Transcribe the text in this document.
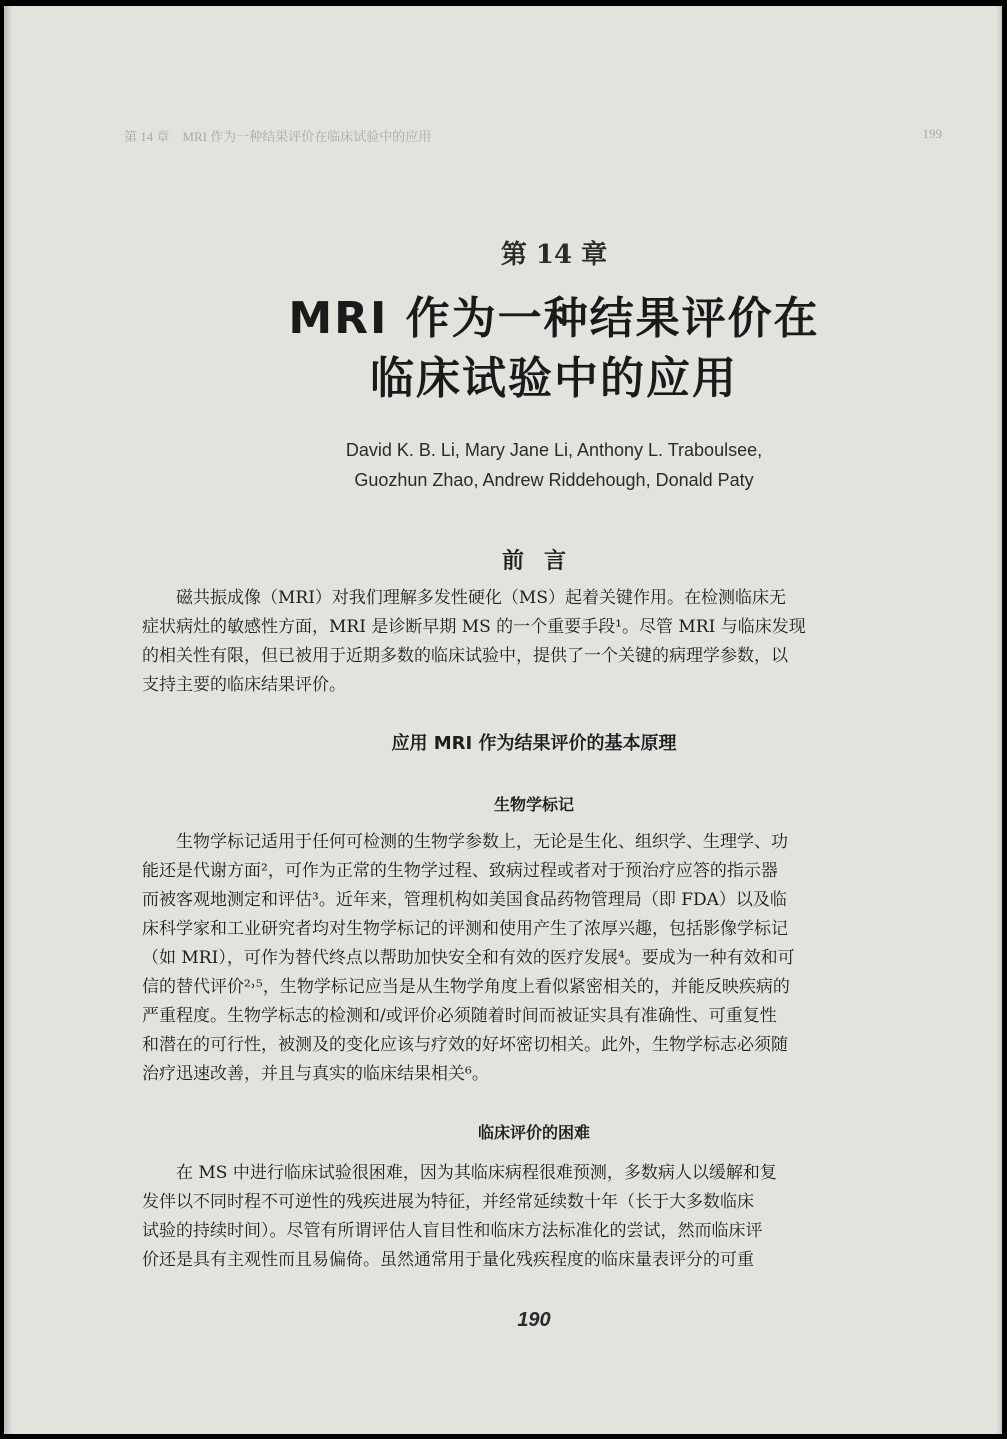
第 14 章　MRI 作为一种结果评价在临床试验中的应用	199
第 14 章
MRI 作为一种结果评价在
临床试验中的应用
David K. B. Li, Mary Jane Li, Anthony L. Traboulsee,
Guozhun Zhao, Andrew Riddehough, Donald Paty
前言

磁共振成像（MRI）对我们理解多发性硬化（MS）起着关键作用。在检测临床无
症状病灶的敏感性方面，MRI 是诊断早期 MS 的一个重要手段¹。尽管 MRI 与临床发现
的相关性有限，但已被用于近期多数的临床试验中，提供了一个关键的病理学参数，以
支持主要的临床结果评价。

应用 MRI 作为结果评价的基本原理
生物学标记

生物学标记适用于任何可检测的生物学参数上，无论是生化、组织学、生理学、功
能还是代谢方面²，可作为正常的生物学过程、致病过程或者对于预治疗应答的指示器
而被客观地测定和评估³。近年来，管理机构如美国食品药物管理局（即 FDA）以及临
床科学家和工业研究者均对生物学标记的评测和使用产生了浓厚兴趣，包括影像学标记
（如 MRI），可作为替代终点以帮助加快安全和有效的医疗发展⁴。要成为一种有效和可
信的替代评价²˒⁵，生物学标记应当是从生物学角度上看似紧密相关的，并能反映疾病的
严重程度。生物学标志的检测和/或评价必须随着时间而被证实具有准确性、可重复性
和潜在的可行性，被测及的变化应该与疗效的好坏密切相关。此外，生物学标志必须随
治疗迅速改善，并且与真实的临床结果相关⁶。

临床评价的困难

在 MS 中进行临床试验很困难，因为其临床病程很难预测，多数病人以缓解和复
发伴以不同时程不可逆性的残疾进展为特征，并经常延续数十年（长于大多数临床
试验的持续时间）。尽管有所谓评估人盲目性和临床方法标准化的尝试，然而临床评
价还是具有主观性而且易偏倚。虽然通常用于量化残疾程度的临床量表评分的可重

190
